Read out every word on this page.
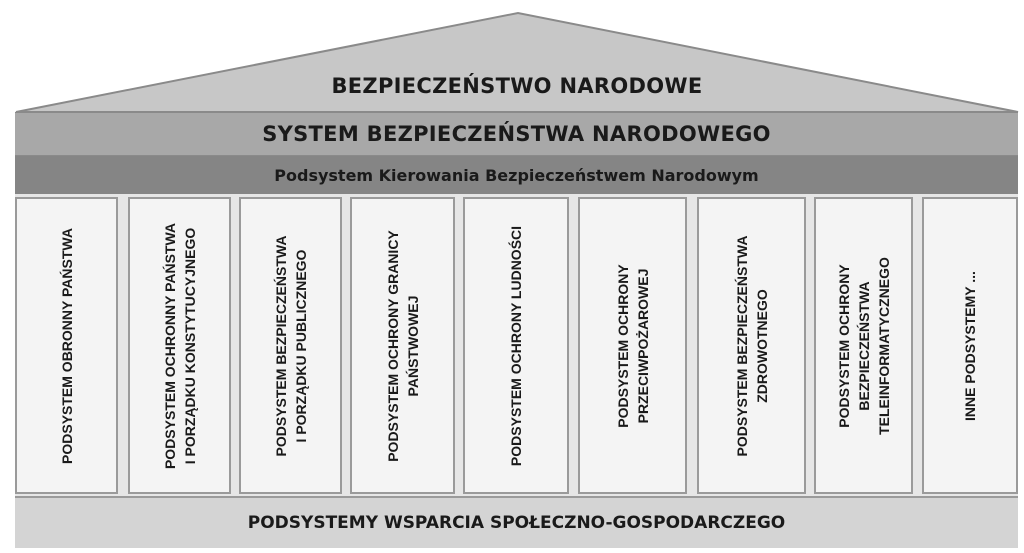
BEZPIECZEŃSTWO NARODOWE
SYSTEM BEZPIECZEŃSTWA NARODOWEGO
Podsystem Kierowania Bezpieczeństwem Narodowym
PODSYSTEM OBRONNY PAŃSTWA	PODSYSTEM OCHRONNY PAŃSTWA I PORZĄDKU KONSTYTUCYJNEGO	PODSYSTEM BEZPIECZEŃSTWA I PORZĄDKU PUBLICZNEGO	PODSYSTEM OCHRONY GRANICY PAŃSTWOWEJ	PODSYSTEM OCHRONY LUDNOŚCI	PODSYSTEM OCHRONY PRZECIWPOŻAROWEJ	PODSYSTEM BEZPIECZEŃSTWA ZDROWOTNEGO	PODSYSTEM OCHRONY BEZPIECZEŃSTWA TELEINFORMATYCZNEGO	INNE PODSYSTEMY ...
PODSYSTEMY WSPARCIA SPOŁECZNO-GOSPODARCZEGO
